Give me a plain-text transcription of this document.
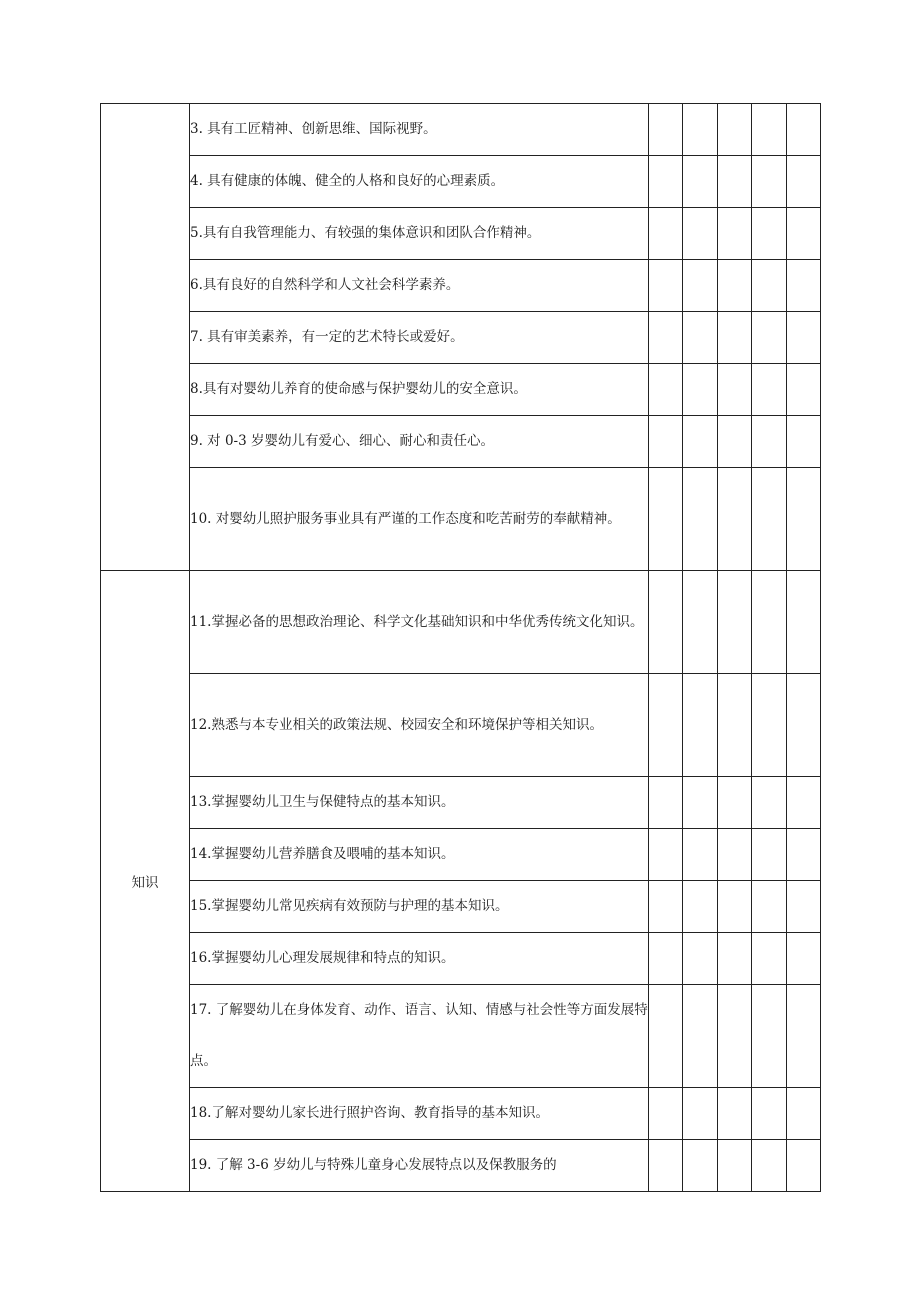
	3. 具有工匠精神、创新思维、国际视野。					
	4. 具有健康的体魄、健全的人格和良好的心理素质。					
	5.具有自我管理能力、有较强的集体意识和团队合作精神。					
	6.具有良好的自然科学和人文社会科学素养。					
	7. 具有审美素养，有一定的艺术特长或爱好。					
	8.具有对婴幼儿养育的使命感与保护婴幼儿的安全意识。					
	9. 对 0-3 岁婴幼儿有爱心、细心、耐心和责任心。					
	10. 对婴幼儿照护服务事业具有严谨的工作态度和吃苦耐劳的奉献精神。					
知识	11.掌握必备的思想政治理论、科学文化基础知识和中华优秀传统文化知识。					
	12.熟悉与本专业相关的政策法规、校园安全和环境保护等相关知识。					
	13.掌握婴幼儿卫生与保健特点的基本知识。					
	14.掌握婴幼儿营养膳食及喂哺的基本知识。					
	15.掌握婴幼儿常见疾病有效预防与护理的基本知识。					
	16.掌握婴幼儿心理发展规律和特点的知识。					
	17. 了解婴幼儿在身体发育、动作、语言、认知、情感与社会性等方面发展特点。					
	18.了解对婴幼儿家长进行照护咨询、教育指导的基本知识。					
	19. 了解 3-6 岁幼儿与特殊儿童身心发展特点以及保教服务的					
